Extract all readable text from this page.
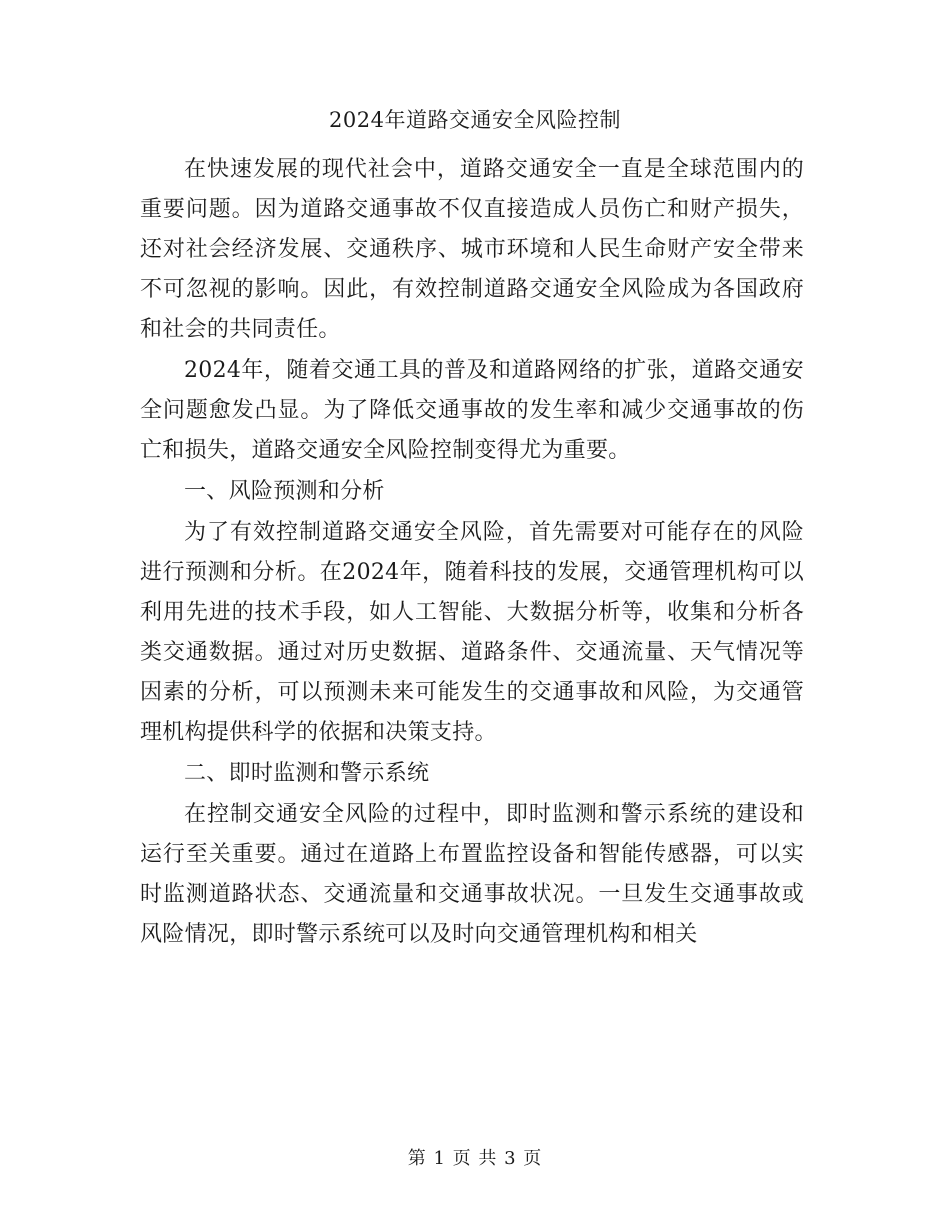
2024年道路交通安全风险控制

在快速发展的现代社会中，道路交通安全一直是全球范围内的重要问题。因为道路交通事故不仅直接造成人员伤亡和财产损失，还对社会经济发展、交通秩序、城市环境和人民生命财产安全带来不可忽视的影响。因此，有效控制道路交通安全风险成为各国政府和社会的共同责任。

2024年，随着交通工具的普及和道路网络的扩张，道路交通安全问题愈发凸显。为了降低交通事故的发生率和减少交通事故的伤亡和损失，道路交通安全风险控制变得尤为重要。

一、风险预测和分析

为了有效控制道路交通安全风险，首先需要对可能存在的风险进行预测和分析。在2024年，随着科技的发展，交通管理机构可以利用先进的技术手段，如人工智能、大数据分析等，收集和分析各类交通数据。通过对历史数据、道路条件、交通流量、天气情况等因素的分析，可以预测未来可能发生的交通事故和风险，为交通管理机构提供科学的依据和决策支持。

二、即时监测和警示系统

在控制交通安全风险的过程中，即时监测和警示系统的建设和运行至关重要。通过在道路上布置监控设备和智能传感器，可以实时监测道路状态、交通流量和交通事故状况。一旦发生交通事故或风险情况，即时警示系统可以及时向交通管理机构和相关

第 1 页 共 3 页
